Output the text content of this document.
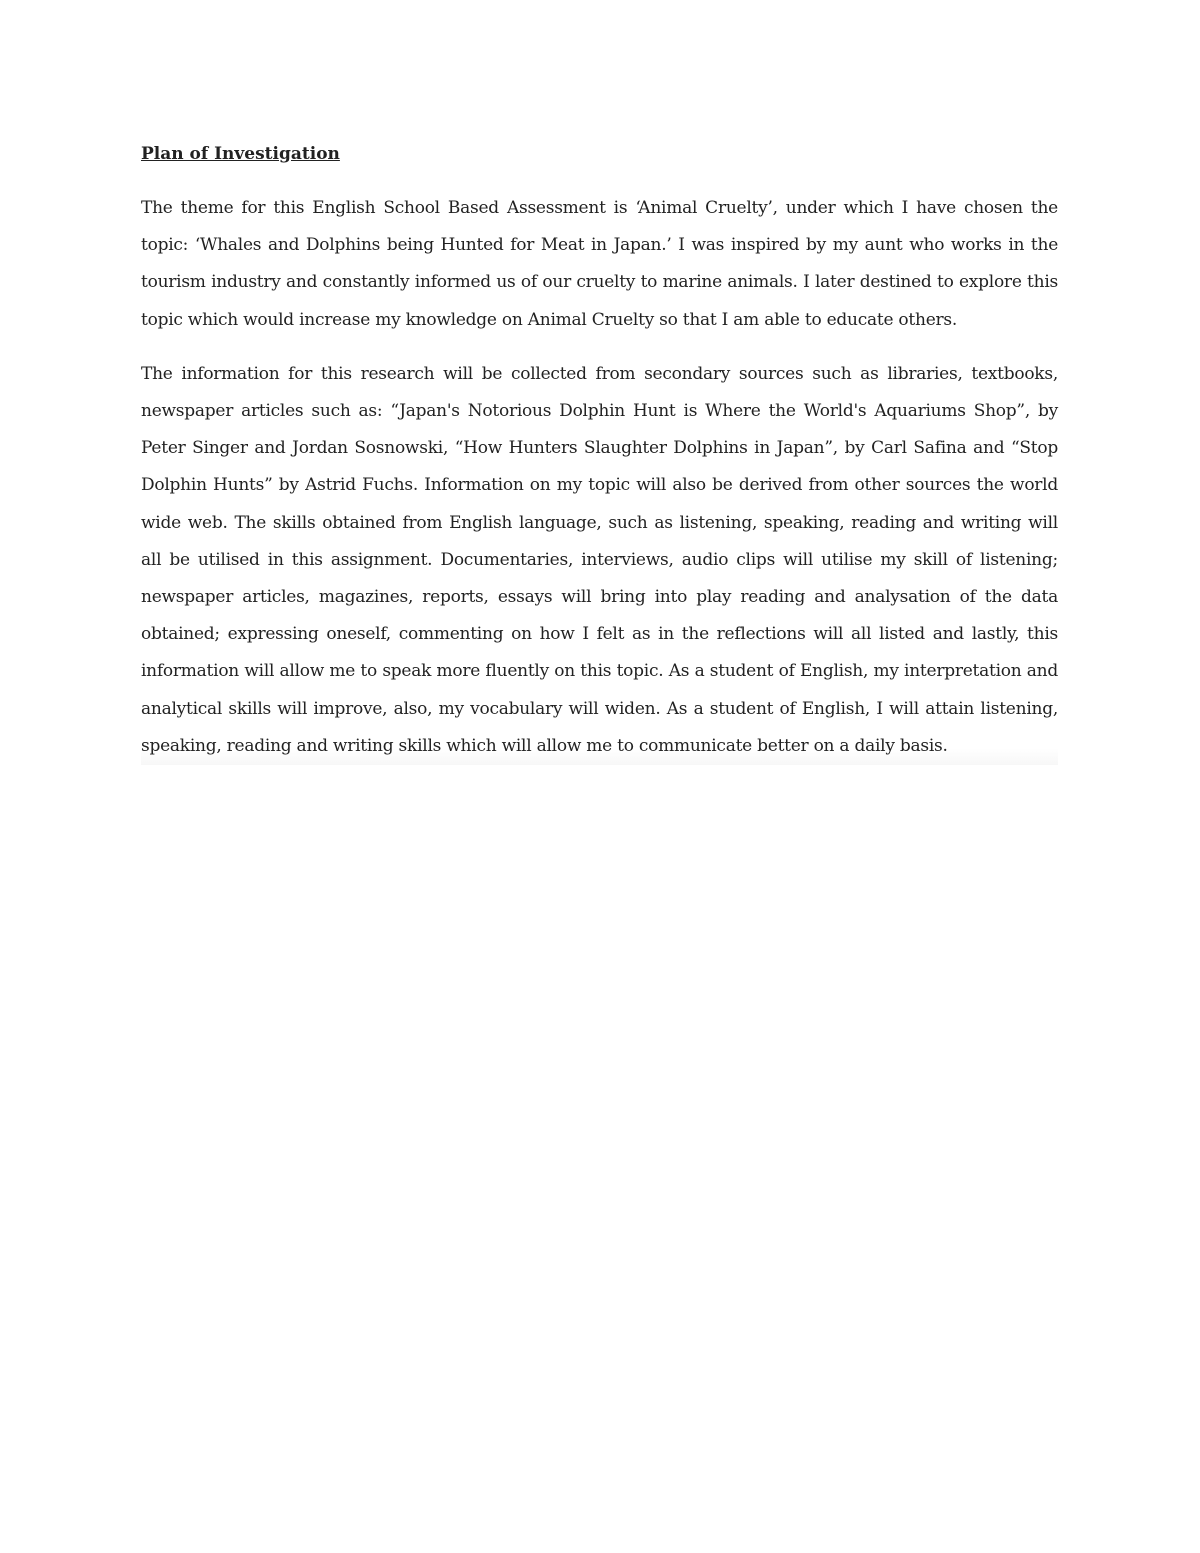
Plan of Investigation

The theme for this English School Based Assessment is ‘Animal Cruelty’, under which I have chosen the topic: ‘Whales and Dolphins being Hunted for Meat in Japan.’ I was inspired by my aunt who works in the tourism industry and constantly informed us of our cruelty to marine animals. I later destined to explore this topic which would increase my knowledge on Animal Cruelty so that I am able to educate others.

The information for this research will be collected from secondary sources such as libraries, textbooks, newspaper articles such as: “Japan's Notorious Dolphin Hunt is Where the World's Aquariums Shop”, by Peter Singer and Jordan Sosnowski, “How Hunters Slaughter Dolphins in Japan”, by Carl Safina and “Stop Dolphin Hunts” by Astrid Fuchs. Information on my topic will also be derived from other sources the world wide web. The skills obtained from English language, such as listening, speaking, reading and writing will all be utilised in this assignment. Documentaries, interviews, audio clips will utilise my skill of listening; newspaper articles, magazines, reports, essays will bring into play reading and analysation of the data obtained; expressing oneself, commenting on how I felt as in the reflections will all listed and lastly, this information will allow me to speak more fluently on this topic. As a student of English, my interpretation and analytical skills will improve, also, my vocabulary will widen. As a student of English, I will attain listening, speaking, reading and writing skills which will allow me to communicate better on a daily basis.
